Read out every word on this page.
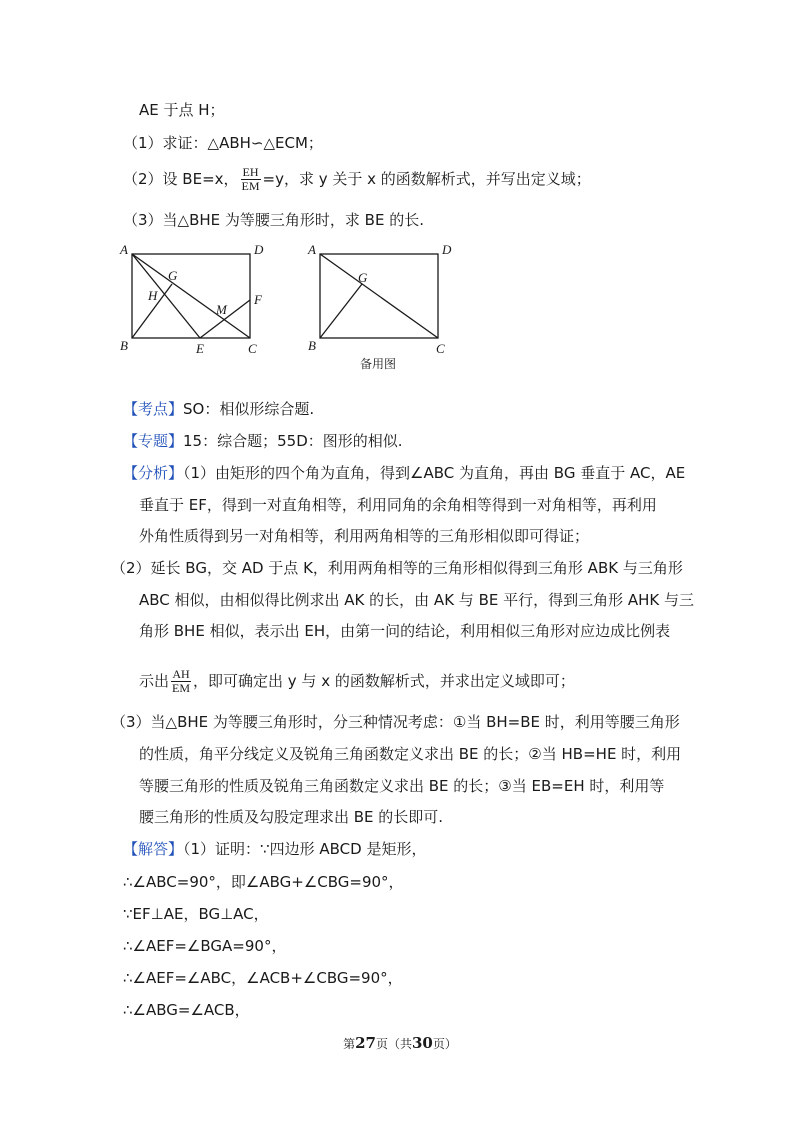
AE 于点 H；
（1）求证：△ABH∽△ECM；
（2）设 BE=x， $\frac{EH}{EM} =y$，求 y 关于 x 的函数解析式，并写出定义域；
（3）当△BHE 为等腰三角形时，求 BE 的长.
A	D
G
H
M
F
B	E	C
A	D
G
B	C
备用图
【考点】SO：相似形综合题.
【专题】15：综合题；55D：图形的相似.
【分析】（1）由矩形的四个角为直角，得到∠ABC 为直角，再由 BG 垂直于 AC，AE
垂直于 EF，得到一对直角相等，利用同角的余角相等得到一对角相等，再利用
外角性质得到另一对角相等，利用两角相等的三角形相似即可得证；
（2）延长 BG，交 AD 于点 K，利用两角相等的三角形相似得到三角形 ABK 与三角形
ABC 相似，由相似得比例求出 AK 的长，由 AK 与 BE 平行，得到三角形 AHK 与三
角形 BHE 相似，表示出 EH，由第一问的结论，利用相似三角形对应边成比例表
示出 $\frac{AH}{EM}$ ，即可确定出 y 与 x 的函数解析式，并求出定义域即可；
（3）当△BHE 为等腰三角形时，分三种情况考虑：①当 BH=BE 时，利用等腰三角形
的性质，角平分线定义及锐角三角函数定义求出 BE 的长；②当 HB=HE 时，利用
等腰三角形的性质及锐角三角函数定义求出 BE 的长；③当 EB=EH 时，利用等
腰三角形的性质及勾股定理求出 BE 的长即可.
【解答】（1）证明：∵四边形 ABCD 是矩形，
∴∠ABC=90°，即∠ABG+∠CBG=90°，
∵EF⊥AE，BG⊥AC，
∴∠AEF=∠BGA=90°，
∴∠AEF=∠ABC，∠ACB+∠CBG=90°，
∴∠ABG=∠ACB，
第27页（共30页）
